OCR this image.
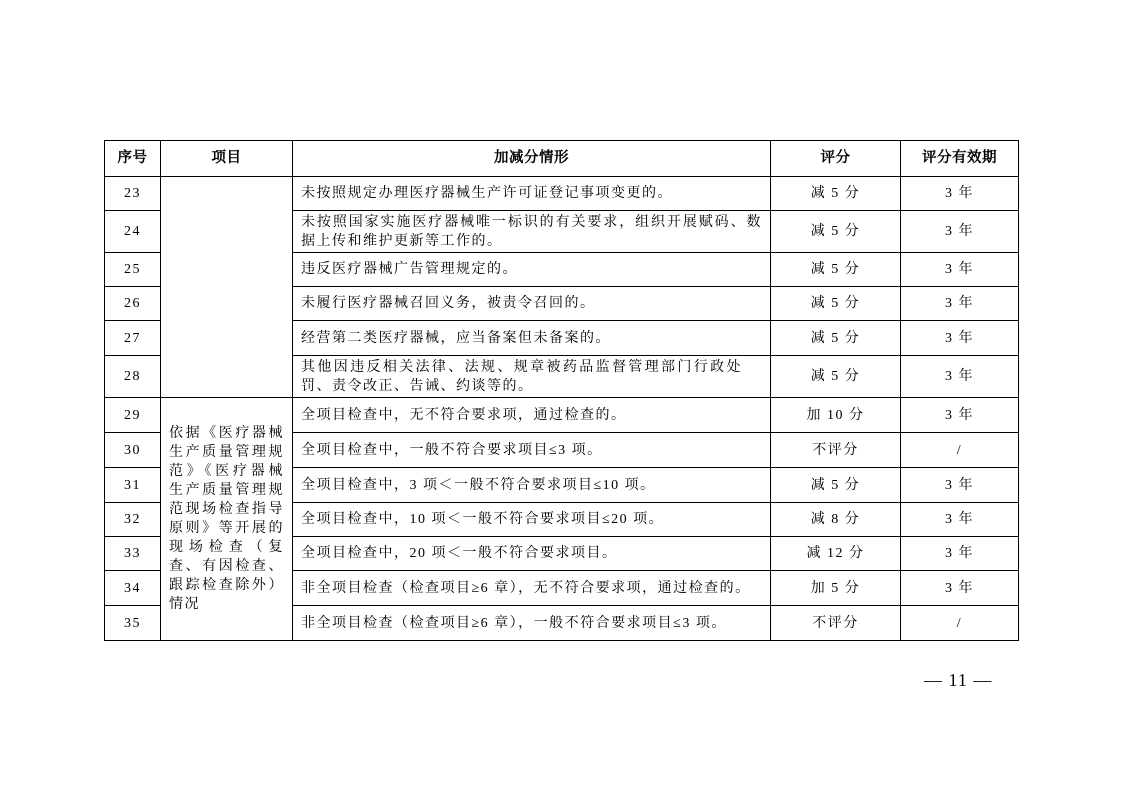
序号	项目	加减分情形	评分	评分有效期
23		未按照规定办理医疗器械生产许可证登记事项变更的。	减 5 分	3 年
24		未按照国家实施医疗器械唯一标识的有关要求，组织开展赋码、数据上传和维护更新等工作的。	减 5 分	3 年
25		违反医疗器械广告管理规定的。	减 5 分	3 年
26		未履行医疗器械召回义务，被责令召回的。	减 5 分	3 年
27		经营第二类医疗器械，应当备案但未备案的。	减 5 分	3 年
28		其他因违反相关法律、法规、规章被药品监督管理部门行政处罚、责令改正、告诫、约谈等的。	减 5 分	3 年
29	依据《医疗器械生产质量管理规范》《医疗器械生产质量管理规范现场检查指导原则》等开展的现场检查（复查、有因检查、跟踪检查除外）情况	全项目检查中，无不符合要求项，通过检查的。	加 10 分	3 年
30		全项目检查中，一般不符合要求项目≤3 项。	不评分	/
31		全项目检查中，3 项＜一般不符合要求项目≤10 项。	减 5 分	3 年
32		全项目检查中，10 项＜一般不符合要求项目≤20 项。	减 8 分	3 年
33		全项目检查中，20 项＜一般不符合要求项目。	减 12 分	3 年
34		非全项目检查（检查项目≥6 章），无不符合要求项，通过检查的。	加 5 分	3 年
35		非全项目检查（检查项目≥6 章），一般不符合要求项目≤3 项。	不评分	/
— 11 —
